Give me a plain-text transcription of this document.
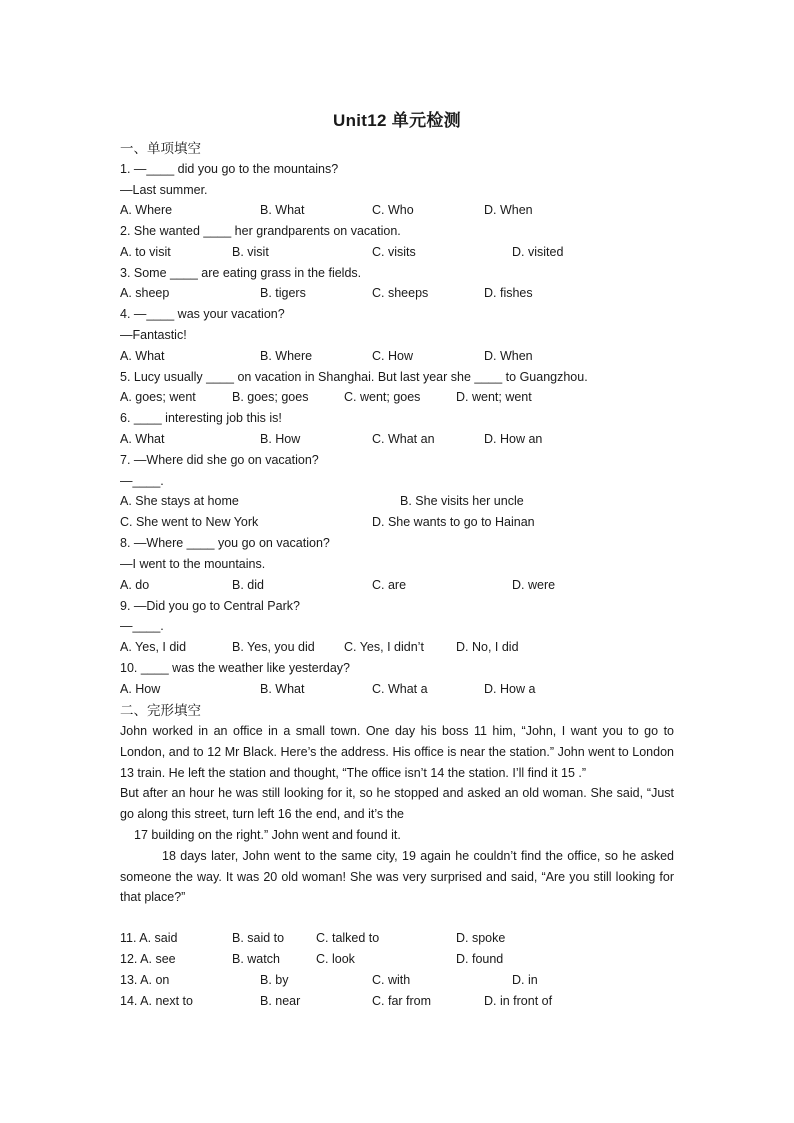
Unit12 单元检测
一、单项填空
1. —____ did you go to the mountains?
—Last summer.
A. Where	B. What	C. Who	D. When
2. She wanted ____ her grandparents on vacation.
A. to visit	B. visit	C. visits	D. visited
3. Some ____ are eating grass in the fields.
A. sheep	B. tigers	C. sheeps	D. fishes
4. —____ was your vacation?
—Fantastic!
A. What	B. Where	C. How	D. When
5. Lucy usually ____ on vacation in Shanghai. But last year she ____ to Guangzhou.
A. goes; went	B. goes; goes	C. went; goes	D. went; went
6. ____ interesting job this is!
A. What	B. How	C. What an	D. How an
7. —Where did she go on vacation?
—____.
A. She stays at home	B. She visits her uncle
C. She went to New York	D. She wants to go to Hainan
8. —Where ____ you go on vacation?
—I went to the mountains.
A. do	B. did	C. are	D. were
9. —Did you go to Central Park?
—____.
A. Yes, I did	B. Yes, you did C. Yes, I didn’t	D. No, I did
10. ____ was the weather like yesterday?
A. How	B. What	C. What a	D. How a
二、完形填空

John worked in an office in a small town. One day his boss 11 him, “John, I want you to go to London, and to 12 Mr Black. Here’s the address. His office is near the station.” John went to London 13 train. He left the station and thought, “The office isn’t 14 the station. I’ll find it 15 .”

But after an hour he was still looking for it, so he stopped and asked an old woman. She said, “Just go along this street, turn left 16 the end, and it’s the

17 building on the right.” John went and found it.

18 days later, John went to the same city, 19 again he couldn’t find the office, so he asked someone the way. It was 20 old woman! She was very surprised and said, “Are you still looking for that place?”

11. A. said	B. said to	C. talked to	D. spoke
12. A. see	B. watch	C. look	D. found
13. A. on	B. by	C. with	D. in
14. A. next to	B. near	C. far from	D. in front of
